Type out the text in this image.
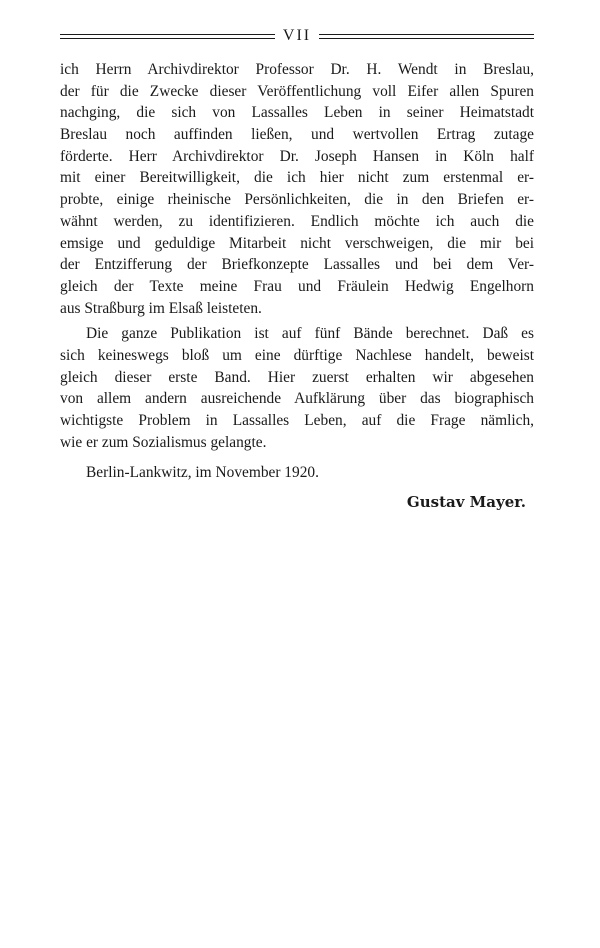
VII
ich Herrn Archivdirektor Professor Dr. H. Wendt in Breslau,
der für die Zwecke dieser Veröffentlichung voll Eifer allen Spuren
nachging, die sich von Lassalles Leben in seiner Heimatstadt
Breslau noch auffinden ließen, und wertvollen Ertrag zutage
förderte. Herr Archivdirektor Dr. Joseph Hansen in Köln half
mit einer Bereitwilligkeit, die ich hier nicht zum erstenmal er-
probte, einige rheinische Persönlichkeiten, die in den Briefen er-
wähnt werden, zu identifizieren. Endlich möchte ich auch die
emsige und geduldige Mitarbeit nicht verschweigen, die mir bei
der Entzifferung der Briefkonzepte Lassalles und bei dem Ver-
gleich der Texte meine Frau und Fräulein Hedwig Engelhorn
aus Straßburg im Elsaß leisteten.
Die ganze Publikation ist auf fünf Bände berechnet. Daß es
sich keineswegs bloß um eine dürftige Nachlese handelt, beweist
gleich dieser erste Band. Hier zuerst erhalten wir abgesehen
von allem andern ausreichende Aufklärung über das biographisch
wichtigste Problem in Lassalles Leben, auf die Frage nämlich,
wie er zum Sozialismus gelangte.
Berlin-Lankwitz, im November 1920.
Gustav Mayer.
